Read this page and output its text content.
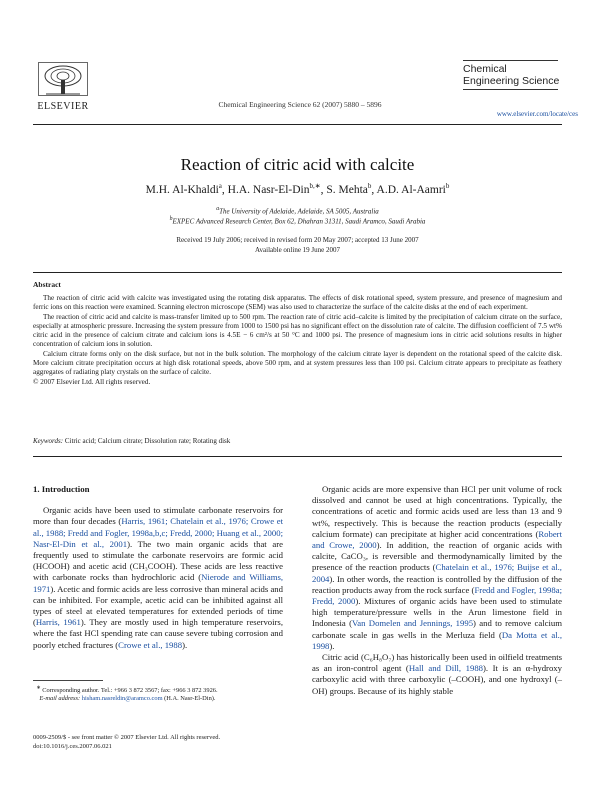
ELSEVIER	Chemical Engineering Science 62 (2007) 5880 – 5896
Chemical
Engineering Science
www.elsevier.com/locate/ces
Reaction of citric acid with calcite
M.H. Al-Khaldi$^a$, H.A. Nasr-El-Din$^{b,∗}$, S. Mehta$^b$, A.D. Al-Aamri$^b$
$^a$The University of Adelaide, Adelaide, SA 5005, Australia
$^b$EXPEC Advanced Research Center, Box 62, Dhahran 31311, Saudi Aramco, Saudi Arabia
Received 19 July 2006; received in revised form 20 May 2007; accepted 13 June 2007
Available online 19 June 2007
Abstract

The reaction of citric acid with calcite was investigated using the rotating disk apparatus. The effects of disk rotational speed, system pressure, and presence of magnesium and ferric ions on this reaction were examined. Scanning electron microscope (SEM) was also used to characterize the surface of the calcite disks at the end of each experiment.

The reaction of citric acid and calcite is mass-transfer limited up to 500 rpm. The reaction rate of citric acid–calcite is limited by the precipitation of calcium citrate on the surface, especially at atmospheric pressure. Increasing the system pressure from 1000 to 1500 psi has no significant effect on the dissolution rate of calcite. The diffusion coefficient of 7.5 wt% citric acid in the presence of calcium citrate and calcium ions is 4.5E − 6 cm²/s at 50 °C and 1000 psi. The presence of magnesium ions in citric acid solutions results in higher concentration of calcium ions in solution.

Calcium citrate forms only on the disk surface, but not in the bulk solution. The morphology of the calcium citrate layer is dependent on the rotational speed of the calcite disk. More calcium citrate precipitation occurs at high disk rotational speeds, above 500 rpm, and at system pressures less than 100 psi. Calcium citrate appears to precipitate as feathery aggregates of radiating platy crystals on the surface of calcite.

© 2007 Elsevier Ltd. All rights reserved.

Keywords: Citric acid; Calcium citrate; Dissolution rate; Rotating disk
1. Introduction

Organic acids have been used to stimulate carbonate reservoirs for more than four decades (Harris, 1961; Chatelain et al., 1976; Crowe et al., 1988; Fredd and Fogler, 1998a,b,c; Fredd, 2000; Huang et al., 2000; Nasr-El-Din et al., 2001). The two main organic acids that are frequently used to stimulate the carbonate reservoirs are formic acid (HCOOH) and acetic acid (CH₃COOH). These acids are less reactive with carbonate rocks than hydrochloric acid (Nierode and Williams, 1971). Acetic and formic acids are less corrosive than mineral acids and can be inhibited. For example, acetic acid can be inhibited against all types of steel at elevated temperatures for extended periods of time (Harris, 1961). They are mostly used in high temperature reservoirs, where the fast HCl spending rate can cause severe tubing corrosion and poorly etched fractures (Crowe et al., 1988).

Organic acids are more expensive than HCl per unit volume of rock dissolved and cannot be used at high concentrations. Typically, the concentrations of acetic and formic acids used are less than 13 and 9 wt%, respectively. This is because the reaction products (especially calcium formate) can precipitate at higher acid concentrations (Robert and Crowe, 2000). In addition, the reaction of organic acids with calcite, CaCO₃, is reversible and thermodynamically limited by the presence of the reaction products (Chatelain et al., 1976; Buijse et al., 2004). In other words, the reaction is controlled by the diffusion of the reaction products away from the rock surface (Fredd and Fogler, 1998a; Fredd, 2000). Mixtures of organic acids have been used to stimulate high temperature/pressure wells in the Arun limestone field in Indonesia (Van Domelen and Jennings, 1995) and to remove calcium carbonate scale in gas wells in the Merluza field (Da Motta et al., 1998).

Citric acid (C₆H₈O₇) has historically been used in oilfield treatments as an iron-control agent (Hall and Dill, 1988). It is an α-hydroxy carboxylic acid with three carboxylic (–COOH), and one hydroxyl (–OH) groups. Because of its highly stable

∗ Corresponding author. Tel.: +966 3 872 3567; fax: +966 3 872 3926.
E-mail address: hisham.nasreldin@aramco.com (H.A. Nasr-El-Din).
0009-2509/$ - see front matter © 2007 Elsevier Ltd. All rights reserved.
doi:10.1016/j.ces.2007.06.021
